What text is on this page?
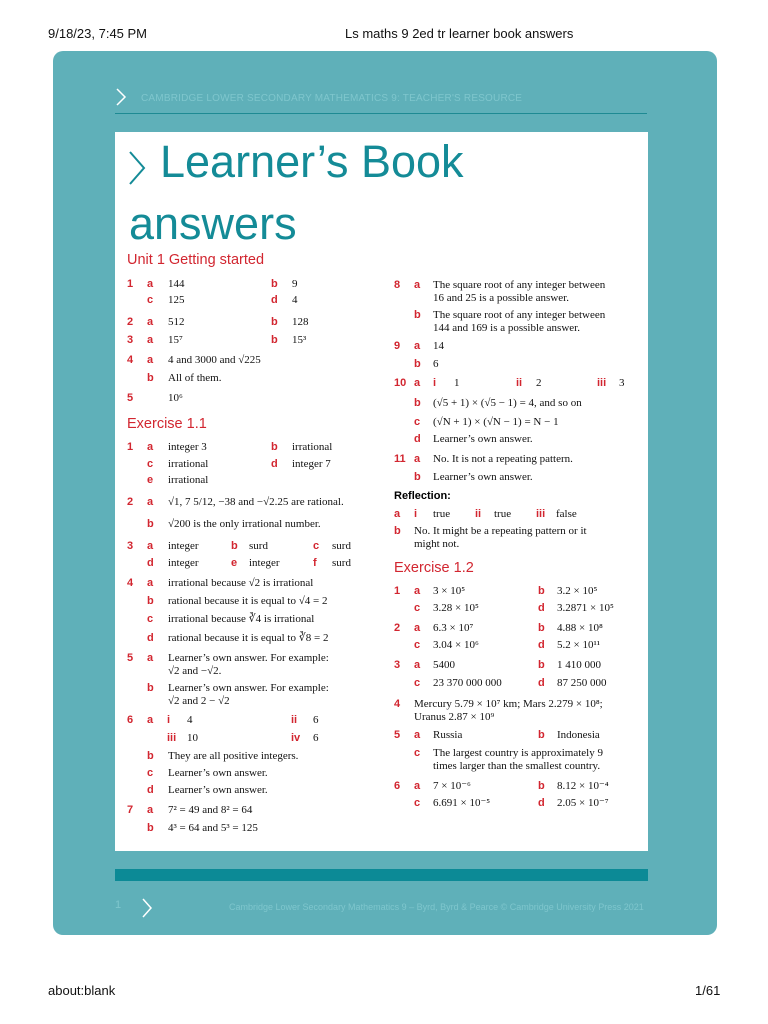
9/18/23, 7:45 PM	Ls maths 9 2ed tr learner book answers
CAMBRIDGE LOWER SECONDARY MATHEMATICS 9: TEACHER'S RESOURCE
Learner’s Book
answers
Unit 1 Getting started
1 a 144	b 9
c 125	d 4
2 a 512	b 128
3 a 15⁷	b 15³
4 a 4 and 3000 and √225
b All of them.
5	10⁶
Exercise 1.1
1 a integer 3	b irrational
c irrational	d integer 7
e irrational
2 a √1, 7 5/12, −38 and −√2.25 are rational.
b √200 is the only irrational number.
3 a integer	b surd	c surd
d integer	e integer	f surd
4 a irrational because √2 is irrational
b rational because it is equal to √4 = 2
c irrational because ∛4 is irrational
d rational because it is equal to ∛8 = 2
5 a Learner’s own answer. For example:
√2 and −√2.
b Learner’s own answer. For example:
√2 and 2 − √2
6 a i 4	ii 6
iii 10	iv 6
b They are all positive integers.
c Learner’s own answer.
d Learner’s own answer.
7 a 7² = 49 and 8² = 64
b 4³ = 64 and 5³ = 125
8 a The square root of any integer between
16 and 25 is a possible answer.
b The square root of any integer between
144 and 169 is a possible answer.
9 a 14
b 6
10 a i 1	ii 2	iii 3
b (√5 + 1) × (√5 − 1) = 4, and so on
c (√N + 1) × (√N − 1) = N − 1
d Learner’s own answer.
11 a No. It is not a repeating pattern.
b Learner’s own answer.
Reflection:
a i true ii true iii false
b No. It might be a repeating pattern or it
might not.
Exercise 1.2
1 a 3 × 10⁵	b 3.2 × 10⁵
c 3.28 × 10⁵	d 3.2871 × 10⁵
2 a 6.3 × 10⁷	b 4.88 × 10⁸
c 3.04 × 10⁶	d 5.2 × 10¹¹
3 a 5400	b 1 410 000
c 23 370 000 000	d 87 250 000
4 Mercury 5.79 × 10⁷ km; Mars 2.279 × 10⁸;
Uranus 2.87 × 10⁹
5 a Russia	b Indonesia
c The largest country is approximately 9
times larger than the smallest country.
6 a 7 × 10⁻⁶	b 8.12 × 10⁻⁴
c 6.691 × 10⁻⁵	d 2.05 × 10⁻⁷
1	Cambridge Lower Secondary Mathematics 9 – Byrd, Byrd & Pearce © Cambridge University Press 2021
about:blank	1/61
